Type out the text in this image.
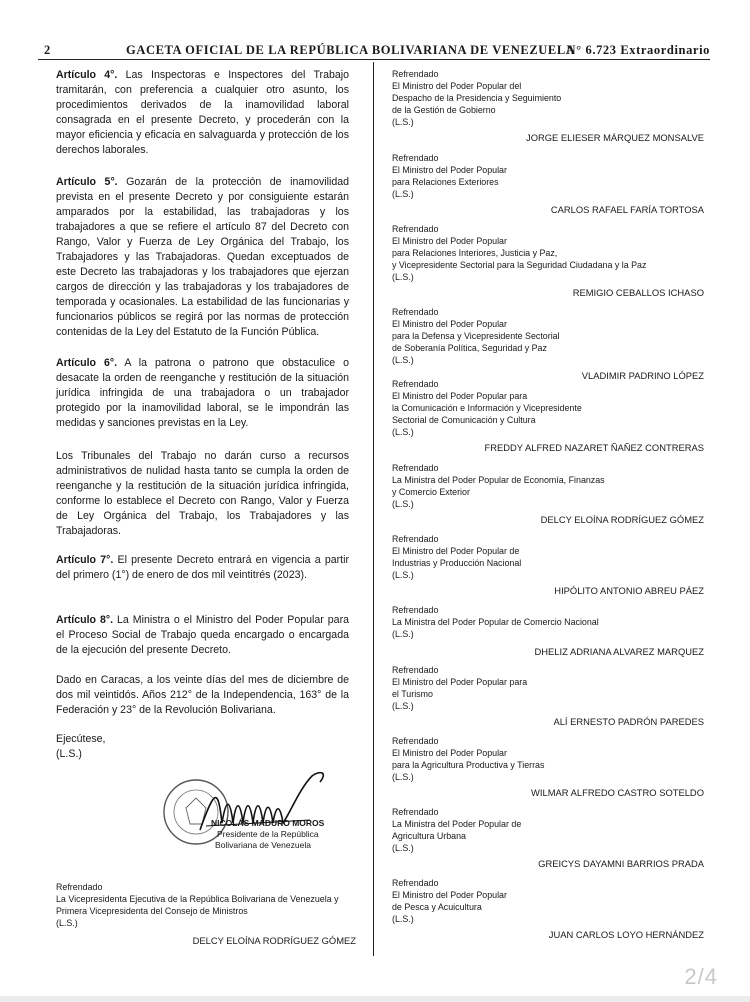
2	GACETA OFICIAL DE LA REPÚBLICA BOLIVARIANA DE VENEZUELA
N° 6.723 Extraordinario

Artículo 4°. Las Inspectoras e Inspectores del Trabajo tramitarán, con preferencia a cualquier otro asunto, los procedimientos derivados de la inamovilidad laboral consagrada en el presente Decreto, y procederán con la mayor eficiencia y eficacia en salvaguarda y protección de los derechos laborales.

Artículo 5°. Gozarán de la protección de inamovilidad prevista en el presente Decreto y por consiguiente estarán amparados por la estabilidad, las trabajadoras y los trabajadores a que se refiere el artículo 87 del Decreto con Rango, Valor y Fuerza de Ley Orgánica del Trabajo, los Trabajadores y las Trabajadoras. Quedan exceptuados de este Decreto las trabajadoras y los trabajadores que ejerzan cargos de dirección y las trabajadoras y los trabajadores de temporada y ocasionales. La estabilidad de las funcionarias y funcionarios públicos se regirá por las normas de protección contenidas de la Ley del Estatuto de la Función Pública.

Artículo 6°. A la patrona o patrono que obstaculice o desacate la orden de reenganche y restitución de la situación jurídica infringida de una trabajadora o un trabajador protegido por la inamovilidad laboral, se le impondrán las medidas y sanciones previstas en la Ley.

Los Tribunales del Trabajo no darán curso a recursos administrativos de nulidad hasta tanto se cumpla la orden de reenganche y la restitución de la situación jurídica infringida, conforme lo establece el Decreto con Rango, Valor y Fuerza de Ley Orgánica del Trabajo, los Trabajadores y las Trabajadoras.

Artículo 7°. El presente Decreto entrará en vigencia a partir del primero (1°) de enero de dos mil veintitrés (2023).

Artículo 8°. La Ministra o el Ministro del Poder Popular para el Proceso Social de Trabajo queda encargado o encargada de la ejecución del presente Decreto.

Dado en Caracas, a los veinte días del mes de diciembre de dos mil veintidós. Años 212° de la Independencia, 163° de la Federación y 23° de la Revolución Bolivariana.

Ejecútese,
(L.S.)
NICOLÁS MADURO MOROS
Presidente de la República
Bolivariana de Venezuela
Refrendado
La Vicepresidenta Ejecutiva de la República Bolivariana de Venezuela y
Primera Vicepresidenta del Consejo de Ministros
(L.S.)
DELCY ELOÍNA RODRÍGUEZ GÓMEZ
Refrendado
El Ministro del Poder Popular del
Despacho de la Presidencia y Seguimiento
de la Gestión de Gobierno
(L.S.)
JORGE ELIESER MÁRQUEZ MONSALVE
Refrendado
El Ministro del Poder Popular
para Relaciones Exteriores
(L.S.)
CARLOS RAFAEL FARÍA TORTOSA
Refrendado
El Ministro del Poder Popular
para Relaciones Interiores, Justicia y Paz,
y Vicepresidente Sectorial para la Seguridad Ciudadana y la Paz
(L.S.)
REMIGIO CEBALLOS ICHASO
Refrendado
El Ministro del Poder Popular
para la Defensa y Vicepresidente Sectorial
de Soberanía Política, Seguridad y Paz
(L.S.)
VLADIMIR PADRINO LÓPEZ
Refrendado
El Ministro del Poder Popular para
la Comunicación e Información y Vicepresidente
Sectorial de Comunicación y Cultura
(L.S.)
FREDDY ALFRED NAZARET ÑAÑEZ CONTRERAS
Refrendado
La Ministra del Poder Popular de Economía, Finanzas
y Comercio Exterior
(L.S.)
DELCY ELOÍNA RODRÍGUEZ GÓMEZ
Refrendado
El Ministro del Poder Popular de
Industrias y Producción Nacional
(L.S.)
HIPÓLITO ANTONIO ABREU PÁEZ
Refrendado
La Ministra del Poder Popular de Comercio Nacional
(L.S.)
DHELIZ ADRIANA ALVAREZ MARQUEZ
Refrendado
El Ministro del Poder Popular para
el Turismo
(L.S.)
ALÍ ERNESTO PADRÓN PAREDES
Refrendado
El Ministro del Poder Popular
para la Agricultura Productiva y Tierras
(L.S.)
WILMAR ALFREDO CASTRO SOTELDO
Refrendado
La Ministra del Poder Popular de
Agricultura Urbana
(L.S.)
GREICYS DAYAMNI BARRIOS PRADA
Refrendado
El Ministro del Poder Popular
de Pesca y Acuicultura
(L.S.)
JUAN CARLOS LOYO HERNÁNDEZ
2/4
